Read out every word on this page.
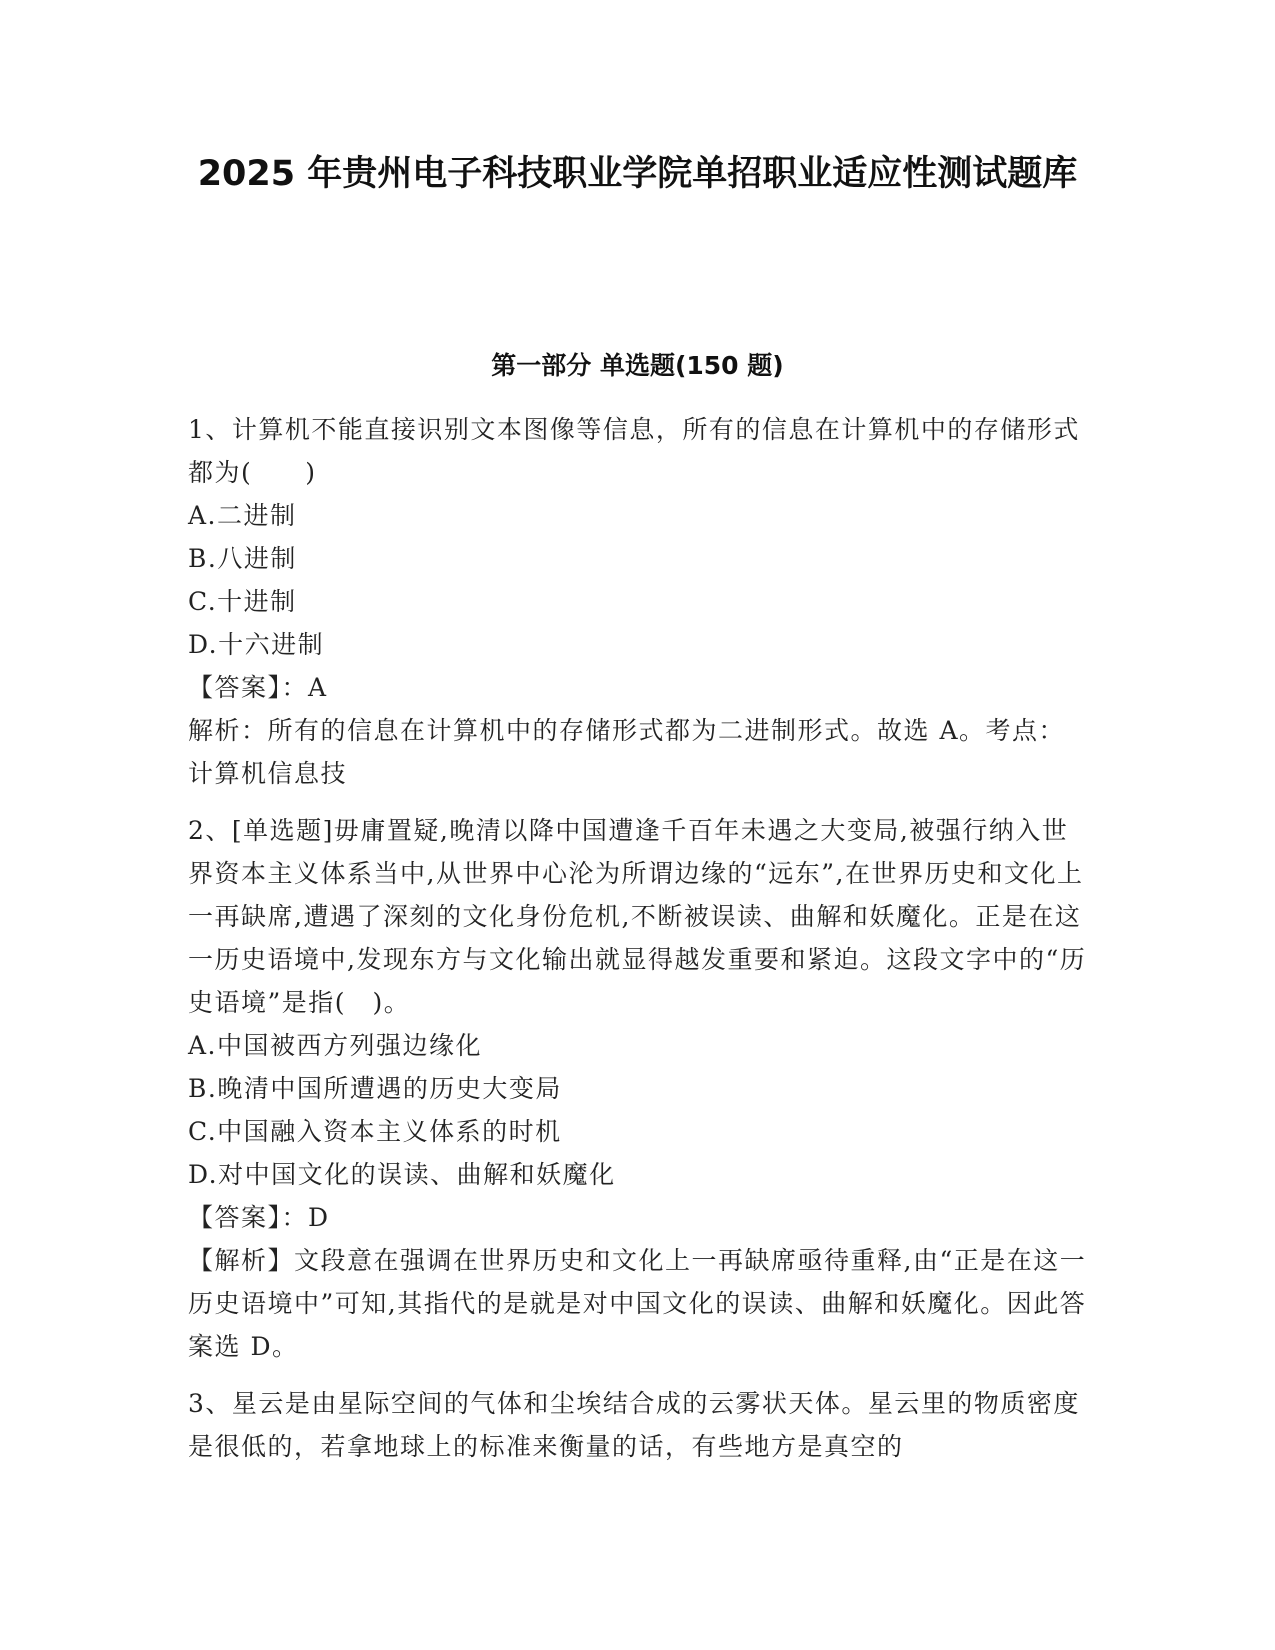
2025 年贵州电子科技职业学院单招职业适应性测试题库
第一部分 单选题(150 题)

1、计算机不能直接识别文本图像等信息，所有的信息在计算机中的存储形式都为(　　)

A.二进制

B.八进制

C.十进制

D.十六进制

【答案】：A

解析：所有的信息在计算机中的存储形式都为二进制形式。故选 A。考点：计算机信息技

2、[单选题]毋庸置疑,晚清以降中国遭逢千百年未遇之大变局,被强行纳入世界资本主义体系当中,从世界中心沦为所谓边缘的“远东”,在世界历史和文化上一再缺席,遭遇了深刻的文化身份危机,不断被误读、曲解和妖魔化。正是在这一历史语境中,发现东方与文化输出就显得越发重要和紧迫。这段文字中的“历史语境”是指(　)。

A.中国被西方列强边缘化

B.晚清中国所遭遇的历史大变局

C.中国融入资本主义体系的时机

D.对中国文化的误读、曲解和妖魔化

【答案】：D

【解析】文段意在强调在世界历史和文化上一再缺席亟待重释,由“正是在这一历史语境中”可知,其指代的是就是对中国文化的误读、曲解和妖魔化。因此答案选 D。

3、星云是由星际空间的气体和尘埃结合成的云雾状天体。星云里的物质密度是很低的，若拿地球上的标准来衡量的话，有些地方是真空的
